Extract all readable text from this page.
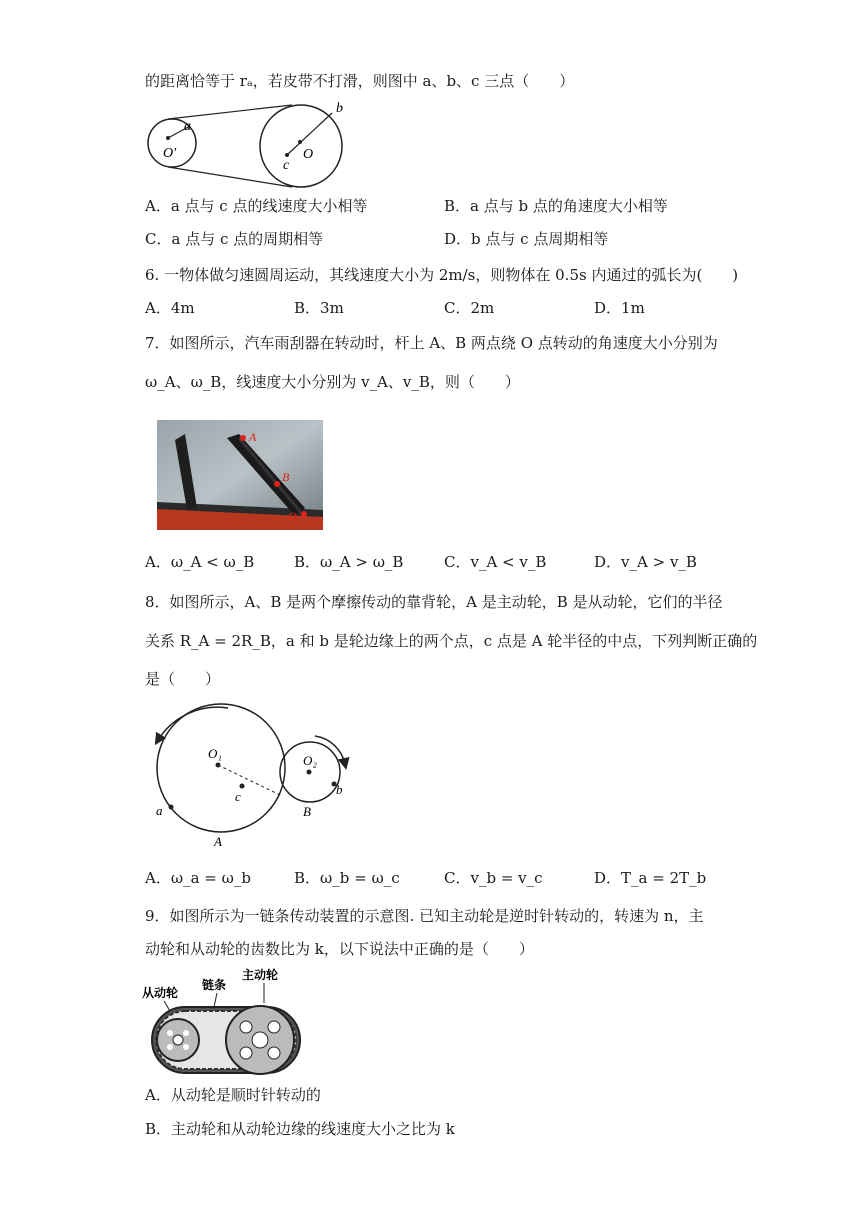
的距离恰等于 rₐ，若皮带不打滑，则图中 a、b、c 三点（　　）
a
O′
b
O
c
A．a 点与 c 点的线速度大小相等	B．a 点与 b 点的角速度大小相等
C．a 点与 c 点的周期相等	D．b 点与 c 点周期相等
6. 一物体做匀速圆周运动，其线速度大小为 2m/s，则物体在 0.5s 内通过的弧长为(　　)
A．4m	B．3m	C．2m	D．1m
7．如图所示，汽车雨刮器在转动时，杆上 A、B 两点绕 O 点转动的角速度大小分别为
ω_A、ω_B，线速度大小分别为 v_A、v_B，则（　　）
A
B
O
A．ω_A < ω_B	B．ω_A > ω_B	C．v_A < v_B	D．v_A > v_B
8．如图所示，A、B 是两个摩擦传动的靠背轮，A 是主动轮，B 是从动轮，它们的半径
关系 R_A = 2R_B，a 和 b 是轮边缘上的两个点，c 点是 A 轮半径的中点，下列判断正确的
是（　　）
O₁	O₂
c
a
b
A
B
A．ω_a = ω_b	B．ω_b = ω_c	C．v_b = v_c	D．T_a = 2T_b
9．如图所示为一链条传动装置的示意图. 已知主动轮是逆时针转动的，转速为 n，主
动轮和从动轮的齿数比为 k，以下说法中正确的是（　　）
从动轮
链条
主动轮
A．从动轮是顺时针转动的
B．主动轮和从动轮边缘的线速度大小之比为 k
